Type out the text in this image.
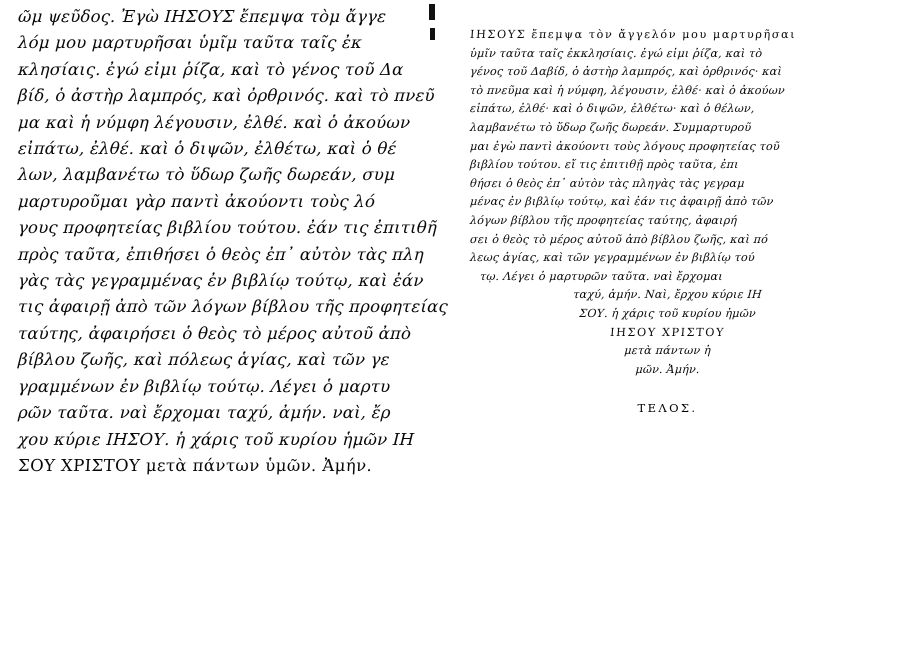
ῶμ ψεῦδος. Ἐγὼ ΙΗΣΟΥΣ ἔπεμψα τὸμ ἄγγε
λόμ μου μαρτυρῆσαι ὑμῖμ ταῦτα ταῖς ἐκ
κλησίαις. ἐγώ εἰμι ῥίζα, καὶ τὸ γένος τοῦ Δα
βίδ, ὁ ἀστὴρ λαμπρός, καὶ ὀρθρινός. καὶ τὸ πνεῦ
μα καὶ ἡ νύμφη λέγουσιν, ἐλθέ. καὶ ὁ ἀκούων
εἰπάτω, ἐλθέ. καὶ ὁ διψῶν, ἐλθέτω, καὶ ὁ θέ
λων, λαμβανέτω τὸ ὕδωρ ζωῆς δωρεάν, συμ
μαρτυροῦμαι γὰρ παντὶ ἀκούοντι τοὺς λό
γους προφητείας βιβλίου τούτου. ἐάν τις ἐπιτιθῆ
πρὸς ταῦτα, ἐπιθήσει ὁ θεὸς ἐπ᾽ αὐτὸν τὰς πλη
γὰς τὰς γεγραμμένας ἐν βιβλίῳ τούτῳ, καὶ ἐάν
τις ἀφαιρῇ ἀπὸ τῶν λόγων βίβλου τῆς προφητείας
ταύτης, ἀφαιρήσει ὁ θεὸς τὸ μέρος αὐτοῦ ἀπὸ
βίβλου ζωῆς, καὶ πόλεως ἁγίας, καὶ τῶν γε
γραμμένων ἐν βιβλίῳ τούτῳ. Λέγει ὁ μαρτυ
ρῶν ταῦτα. ναὶ ἔρχομαι ταχύ, ἀμήν. ναὶ, ἔρ
χου κύριε ΙΗΣΟΥ. ἡ χάρις τοῦ κυρίου ἡμῶν ΙΗ
ΣΟΥ ΧΡΙΣΤΟΥ μετὰ πάντων ὑμῶν. Ἀμήν.
ΙΗΣΟΥΣ ἔπεμψα τὸν ἄγγελόν μου μαρτυρῆσαι
ὑμῖν ταῦτα ταῖς ἐκκλησίαις. ἐγώ εἰμι ῥίζα, καὶ τὸ
γένος τοῦ Δαβίδ, ὁ ἀστὴρ λαμπρός, καὶ ὀρθρινός· καὶ
τὸ πνεῦμα καὶ ἡ νύμφη, λέγουσιν, ἐλθέ· καὶ ὁ ἀκούων
εἰπάτω, ἐλθέ· καὶ ὁ διψῶν, ἐλθέτω· καὶ ὁ θέλων,
λαμβανέτω τὸ ὕδωρ ζωῆς δωρεάν. Συμμαρτυροῦ
μαι ἐγὼ παντὶ ἀκούοντι τοὺς λόγους προφητείας τοῦ
βιβλίου τούτου. εἴ τις ἐπιτιθῇ πρὸς ταῦτα, ἐπι
θήσει ὁ θεὸς ἐπ᾽ αὐτὸν τὰς πληγὰς τὰς γεγραμ
μένας ἐν βιβλίῳ τούτῳ, καὶ ἐάν τις ἀφαιρῇ ἀπὸ τῶν
λόγων βίβλου τῆς προφητείας ταύτης, ἀφαιρή
σει ὁ θεὸς τὸ μέρος αὐτοῦ ἀπὸ βίβλου ζωῆς, καὶ πό
λεως ἁγίας, καὶ τῶν γεγραμμένων ἐν βιβλίῳ τού
τῳ. Λέγει ὁ μαρτυρῶν ταῦτα. ναὶ ἔρχομαι
ταχύ, ἀμήν. Ναὶ, ἔρχου κύριε ΙΗ
ΣΟΥ. ἡ χάρις τοῦ κυρίου ἡμῶν
ΙΗΣΟΥ ΧΡΙΣΤΟΥ
μετὰ πάντων ἡ
μῶν. Ἀμήν.
ΤΕΛΟΣ.
